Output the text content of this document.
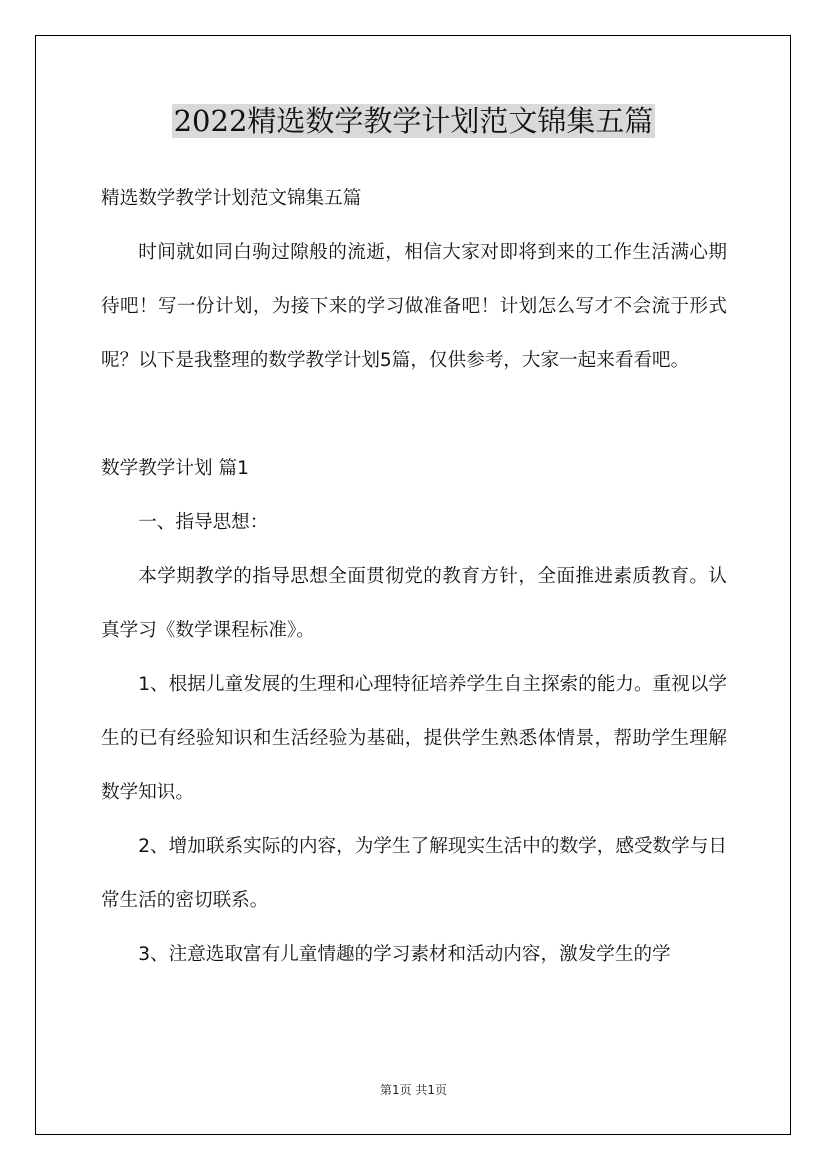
2022精选数学教学计划范文锦集五篇

精选数学教学计划范文锦集五篇

时间就如同白驹过隙般的流逝，相信大家对即将到来的工作生活满心期待吧！写一份计划，为接下来的学习做准备吧！计划怎么写才不会流于形式呢？以下是我整理的数学教学计划5篇，仅供参考，大家一起来看看吧。

数学教学计划 篇1

一、指导思想：

本学期教学的指导思想全面贯彻党的教育方针，全面推进素质教育。认真学习《数学课程标准》。

1、根据儿童发展的生理和心理特征培养学生自主探索的能力。重视以学生的已有经验知识和生活经验为基础，提供学生熟悉体情景，帮助学生理解数学知识。

2、增加联系实际的内容，为学生了解现实生活中的数学，感受数学与日常生活的密切联系。

3、注意选取富有儿童情趣的学习素材和活动内容，激发学生的学

第1页 共1页
